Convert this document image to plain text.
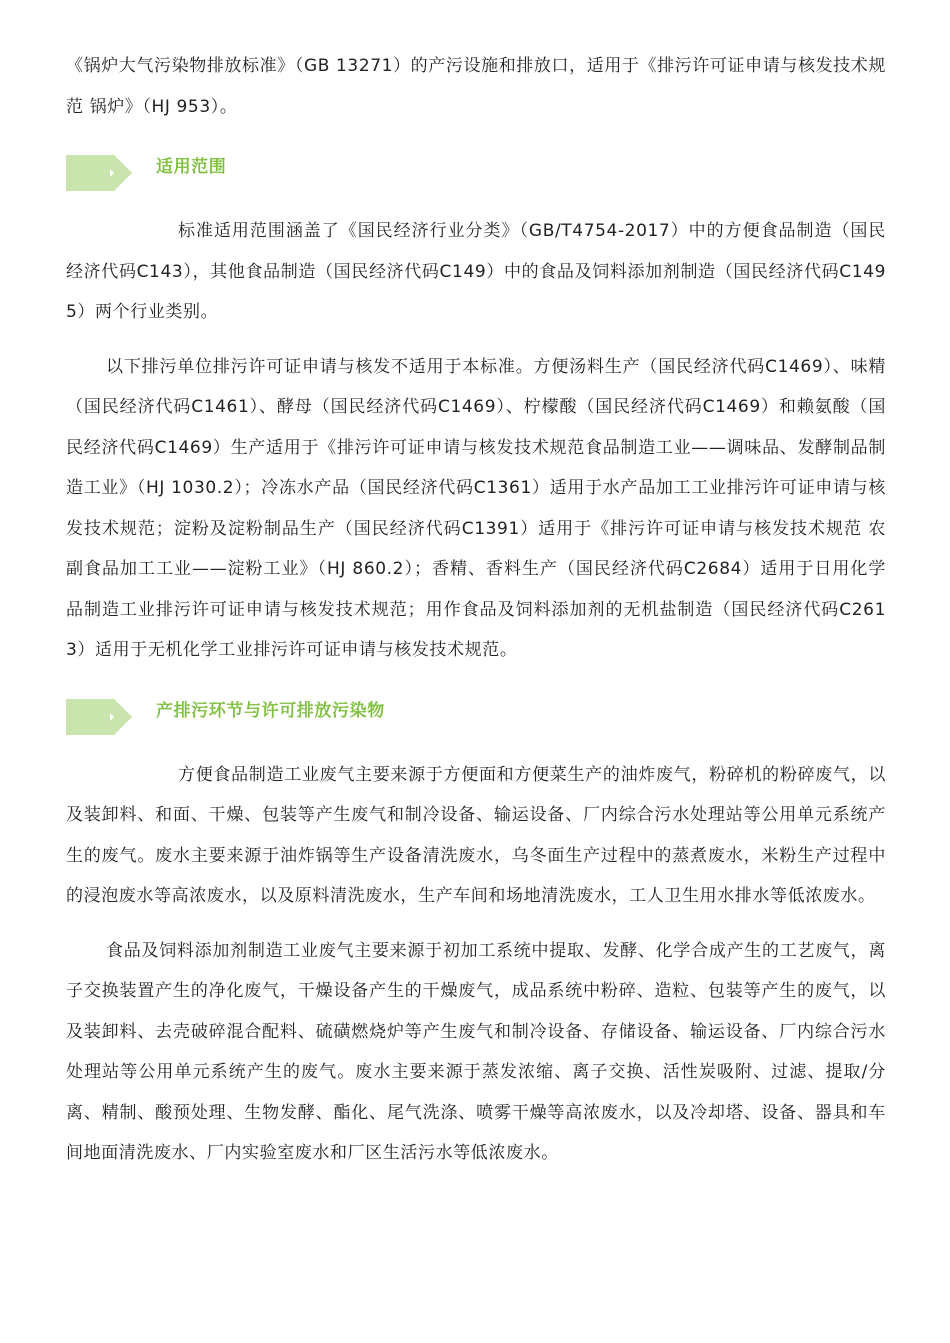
《锅炉大气污染物排放标准》（GB 13271）的产污设施和排放口，适用于《排污许可证申请与核发技术规范 锅炉》（HJ 953）。

适用范围

标准适用范围涵盖了《国民经济行业分类》（GB/T4754-2017）中的方便食品制造（国民经济代码C143），其他食品制造（国民经济代码C149）中的食品及饲料添加剂制造（国民经济代码C1495）两个行业类别。

以下排污单位排污许可证申请与核发不适用于本标准。方便汤料生产（国民经济代码C1469）、味精（国民经济代码C1461）、酵母（国民经济代码C1469）、柠檬酸（国民经济代码C1469）和赖氨酸（国民经济代码C1469）生产适用于《排污许可证申请与核发技术规范食品制造工业——调味品、发酵制品制造工业》（HJ 1030.2）；冷冻水产品（国民经济代码C1361）适用于水产品加工工业排污许可证申请与核发技术规范；淀粉及淀粉制品生产（国民经济代码C1391）适用于《排污许可证申请与核发技术规范 农副食品加工工业——淀粉工业》（HJ 860.2）；香精、香料生产（国民经济代码C2684）适用于日用化学品制造工业排污许可证申请与核发技术规范；用作食品及饲料添加剂的无机盐制造（国民经济代码C2613）适用于无机化学工业排污许可证申请与核发技术规范。

产排污环节与许可排放污染物

方便食品制造工业废气主要来源于方便面和方便菜生产的油炸废气，粉碎机的粉碎废气，以及装卸料、和面、干燥、包装等产生废气和制冷设备、输运设备、厂内综合污水处理站等公用单元系统产生的废气。废水主要来源于油炸锅等生产设备清洗废水，乌冬面生产过程中的蒸煮废水，米粉生产过程中的浸泡废水等高浓废水，以及原料清洗废水，生产车间和场地清洗废水，工人卫生用水排水等低浓废水。

食品及饲料添加剂制造工业废气主要来源于初加工系统中提取、发酵、化学合成产生的工艺废气，离子交换装置产生的净化废气，干燥设备产生的干燥废气，成品系统中粉碎、造粒、包装等产生的废气，以及装卸料、去壳破碎混合配料、硫磺燃烧炉等产生废气和制冷设备、存储设备、输运设备、厂内综合污水处理站等公用单元系统产生的废气。废水主要来源于蒸发浓缩、离子交换、活性炭吸附、过滤、提取/分离、精制、酸预处理、生物发酵、酯化、尾气洗涤、喷雾干燥等高浓废水，以及冷却塔、设备、器具和车间地面清洗废水、厂内实验室废水和厂区生活污水等低浓废水。
